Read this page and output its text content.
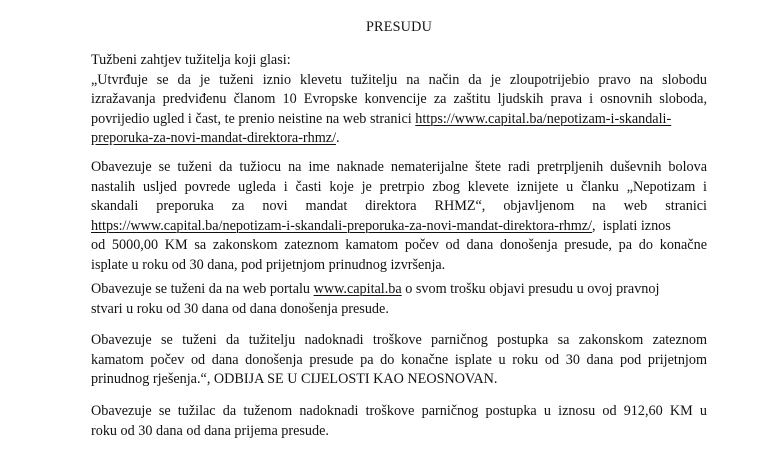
PRESUDU
Tužbeni zahtjev tužitelja koji glasi:
„Utvrđuje se da je tuženi iznio klevetu tužitelju na način da je zloupotrijebio pravo na slobodu
izražavanja predviđenu članom 10 Evropske konvencije za zaštitu ljudskih prava i osnovnih sloboda,
povrijedio ugled i čast, te prenio neistine na web stranici https://www.capital.ba/nepotizam-i-skandali-
preporuka-za-novi-mandat-direktora-rhmz/.
Obavezuje se tuženi da tužiocu na ime naknade nematerijalne štete radi pretrpljenih duševnih bolova
nastalih usljed povrede ugleda i časti koje je pretrpio zbog klevete iznijete u članku „Nepotizam i
skandali preporuka za novi mandat direktora RHMZ“, objavljenom na web stranici
https://www.capital.ba/nepotizam-i-skandali-preporuka-za-novi-mandat-direktora-rhmz/,  isplati iznos
od 5000,00 KM sa zakonskom zateznom kamatom počev od dana donošenja presude, pa do konačne
isplate u roku od 30 dana, pod prijetnjom prinudnog izvršenja.
Obavezuje se tuženi da na web portalu www.capital.ba o svom trošku objavi presudu u ovoj pravnoj
stvari u roku od 30 dana od dana donošenja presude.
Obavezuje se tuženi da tužitelju nadoknadi troškove parničnog postupka sa zakonskom zateznom
kamatom počev od dana donošenja presude pa do konačne isplate u roku od 30 dana pod prijetnjom
prinudnog rješenja.“, ODBIJA SE U CIJELOSTI KAO NEOSNOVAN.
Obavezuje se tužilac da tuženom nadoknadi troškove parničnog postupka u iznosu od 912,60 KM u
roku od 30 dana od dana prijema presude.
